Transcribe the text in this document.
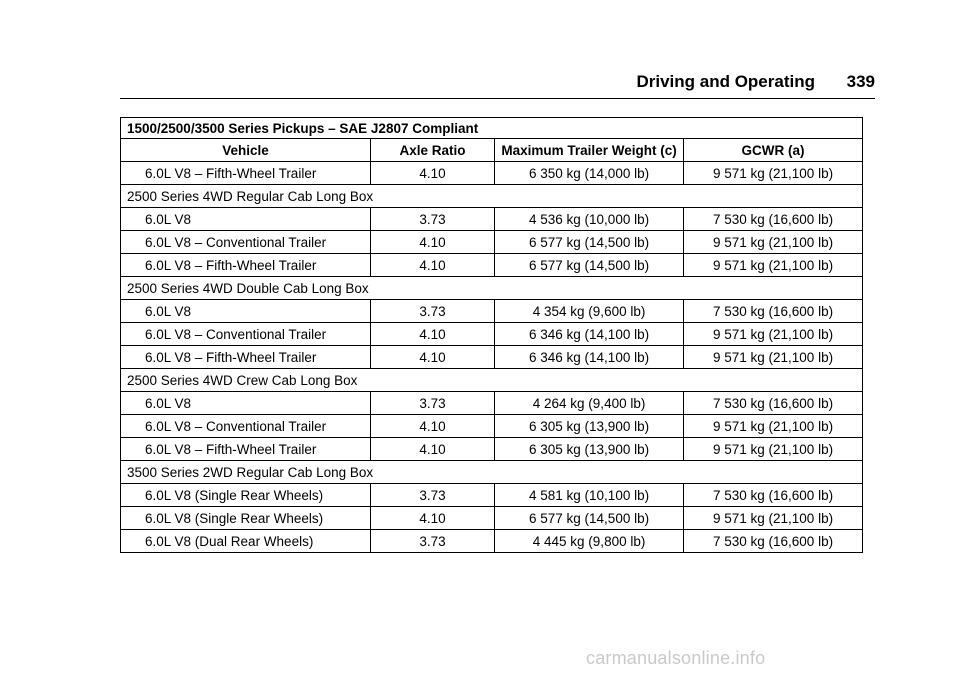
Driving and Operating 339
1500/2500/3500 Series Pickups – SAE J2807 Compliant			
Vehicle	Axle Ratio	Maximum Trailer Weight (c)	GCWR (a)
6.0L V8 – Fifth-Wheel Trailer	4.10	6 350 kg (14,000 lb)	9 571 kg (21,100 lb)
2500 Series 4WD Regular Cab Long Box			
6.0L V8	3.73	4 536 kg (10,000 lb)	7 530 kg (16,600 lb)
6.0L V8 – Conventional Trailer	4.10	6 577 kg (14,500 lb)	9 571 kg (21,100 lb)
6.0L V8 – Fifth-Wheel Trailer	4.10	6 577 kg (14,500 lb)	9 571 kg (21,100 lb)
2500 Series 4WD Double Cab Long Box			
6.0L V8	3.73	4 354 kg (9,600 lb)	7 530 kg (16,600 lb)
6.0L V8 – Conventional Trailer	4.10	6 346 kg (14,100 lb)	9 571 kg (21,100 lb)
6.0L V8 – Fifth-Wheel Trailer	4.10	6 346 kg (14,100 lb)	9 571 kg (21,100 lb)
2500 Series 4WD Crew Cab Long Box			
6.0L V8	3.73	4 264 kg (9,400 lb)	7 530 kg (16,600 lb)
6.0L V8 – Conventional Trailer	4.10	6 305 kg (13,900 lb)	9 571 kg (21,100 lb)
6.0L V8 – Fifth-Wheel Trailer	4.10	6 305 kg (13,900 lb)	9 571 kg (21,100 lb)
3500 Series 2WD Regular Cab Long Box			
6.0L V8 (Single Rear Wheels)	3.73	4 581 kg (10,100 lb)	7 530 kg (16,600 lb)
6.0L V8 (Single Rear Wheels)	4.10	6 577 kg (14,500 lb)	9 571 kg (21,100 lb)
6.0L V8 (Dual Rear Wheels)	3.73	4 445 kg (9,800 lb)	7 530 kg (16,600 lb)
carmanualsonline.info
